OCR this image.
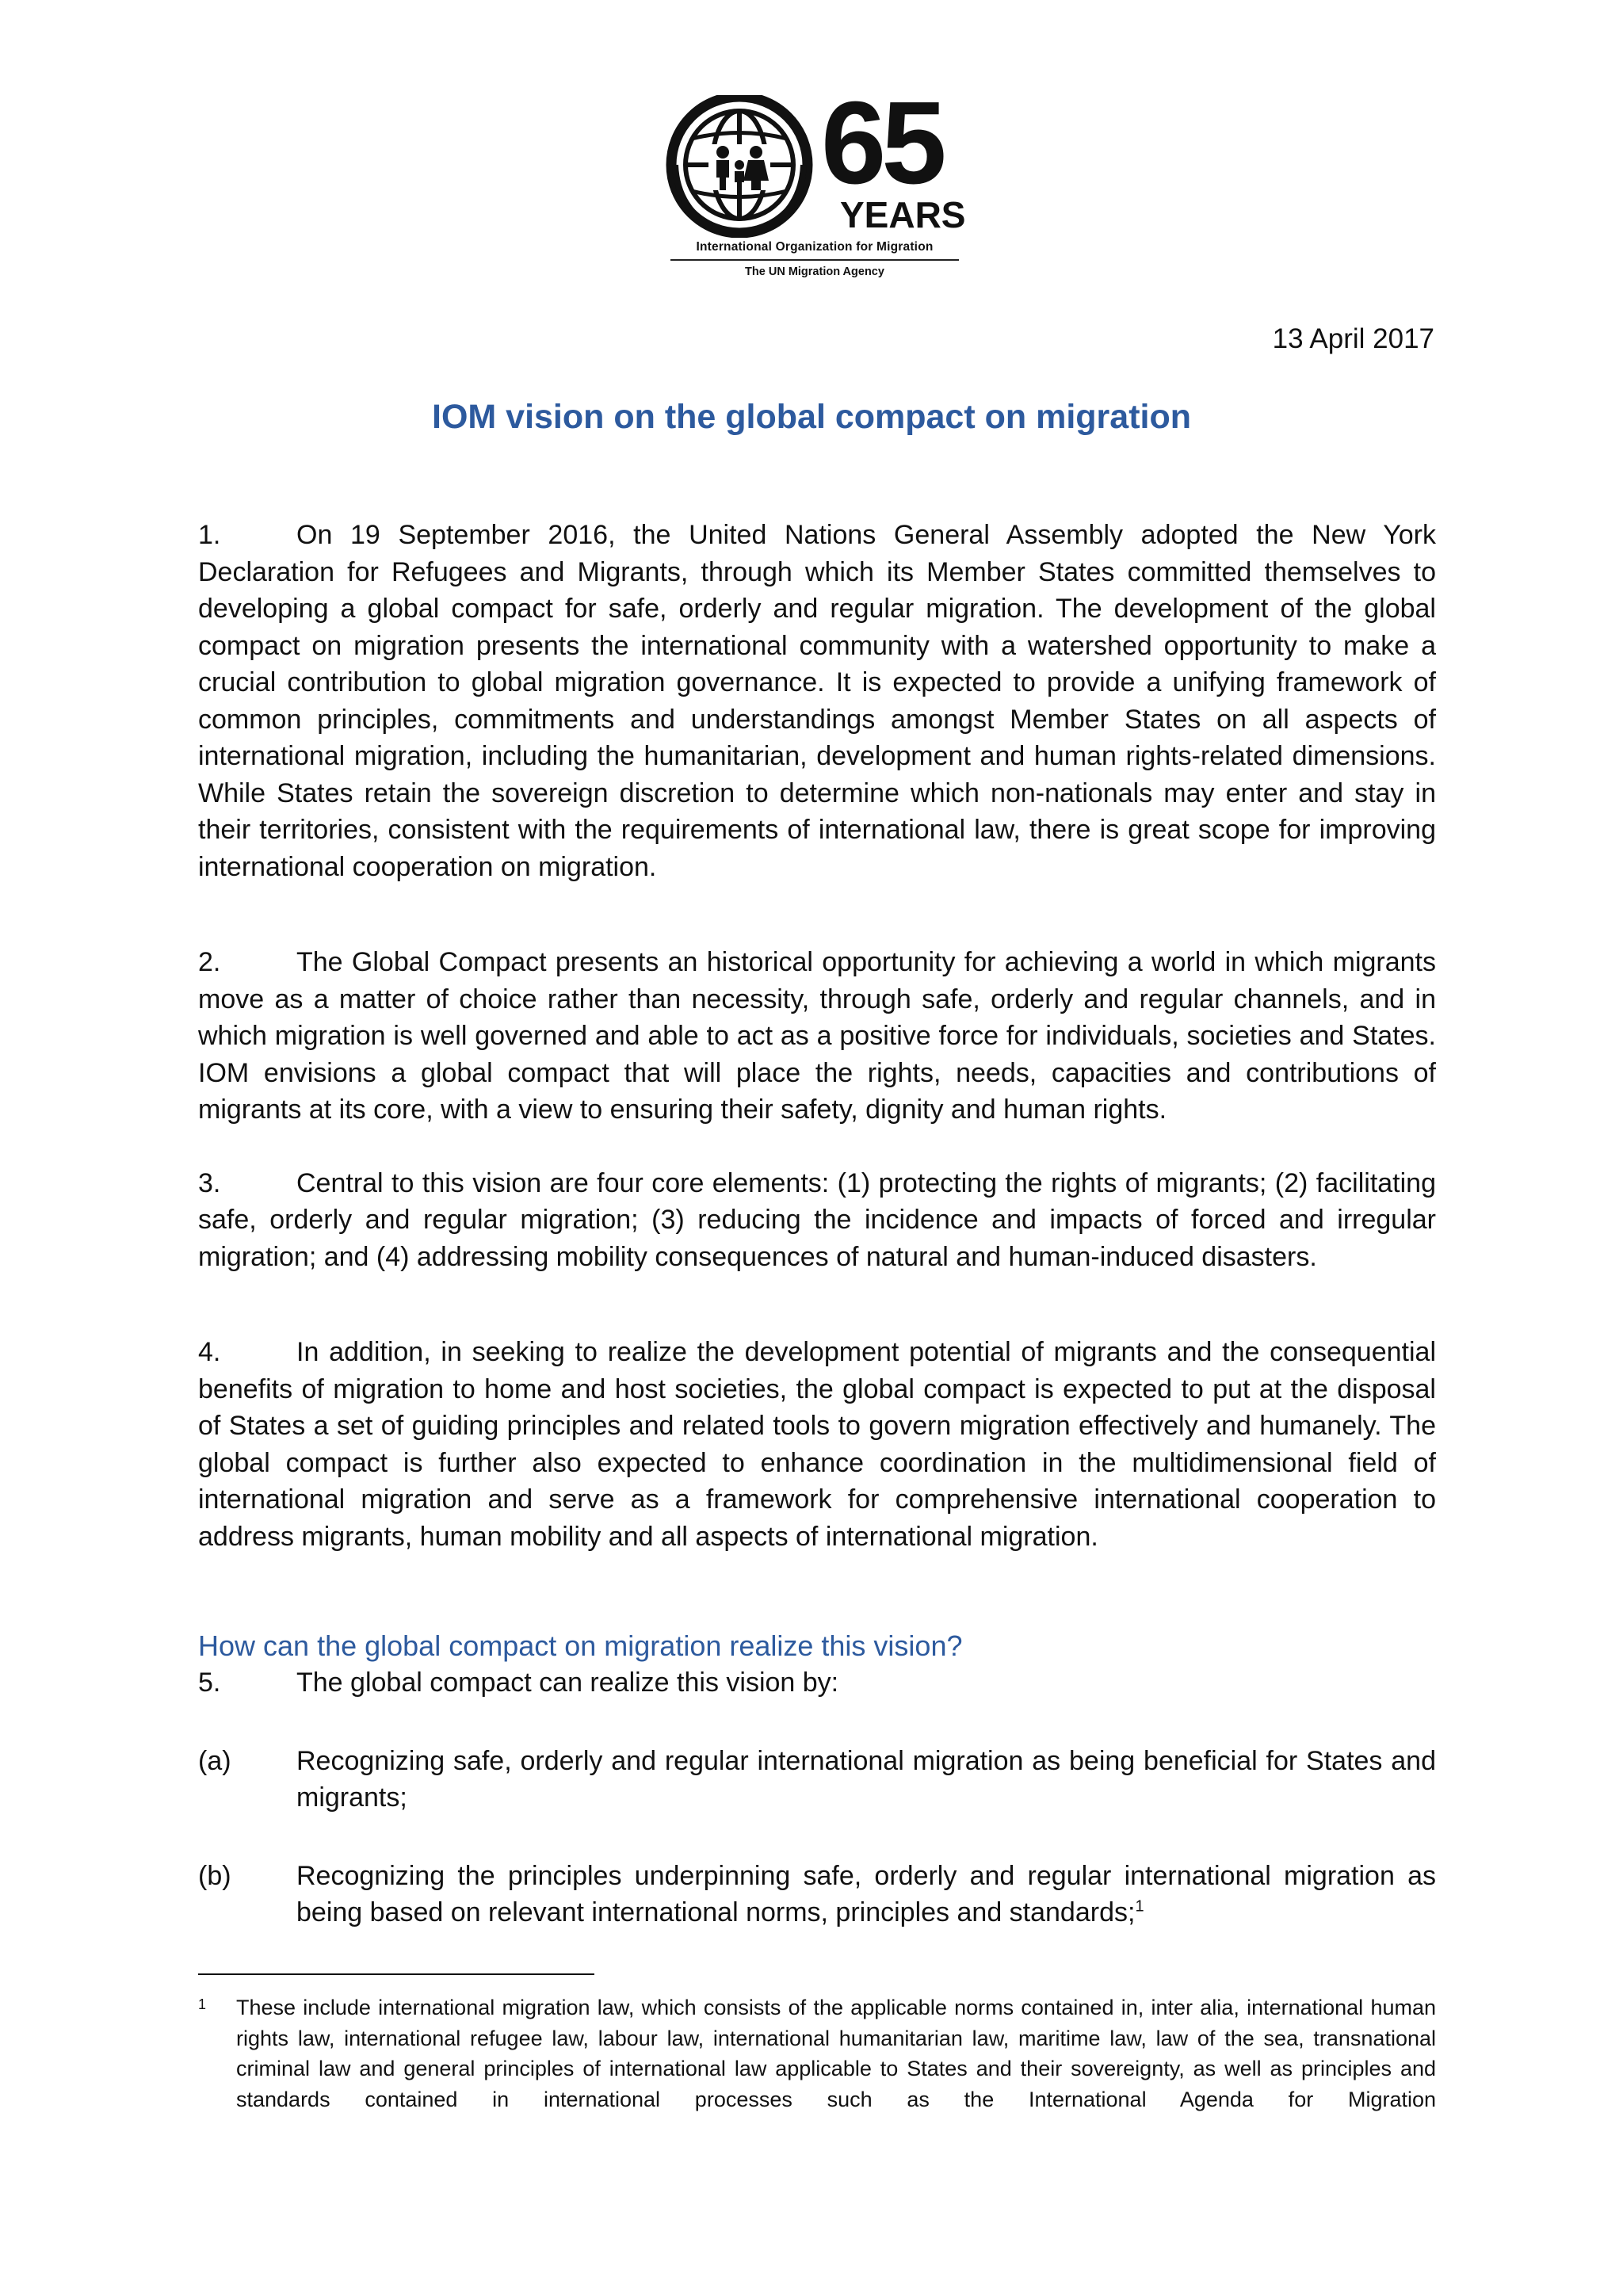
65
YEARS
International Organization for Migration
The UN Migration Agency
13 April 2017
IOM vision on the global compact on migration

1.	On 19 September 2016, the United Nations General Assembly adopted the New York Declaration for Refugees and Migrants, through which its Member States committed themselves to developing a global compact for safe, orderly and regular migration. The development of the global compact on migration presents the international community with a watershed opportunity to make a crucial contribution to global migration governance. It is expected to provide a unifying framework of common principles, commitments and understandings amongst Member States on all aspects of international migration, including the humanitarian, development and human rights-related dimensions. While States retain the sovereign discretion to determine which non-nationals may enter and stay in their territories, consistent with the requirements of international law, there is great scope for improving international cooperation on migration.

2.	The Global Compact presents an historical opportunity for achieving a world in which migrants move as a matter of choice rather than necessity, through safe, orderly and regular channels, and in which migration is well governed and able to act as a positive force for individuals, societies and States. IOM envisions a global compact that will place the rights, needs, capacities and contributions of migrants at its core, with a view to ensuring their safety, dignity and human rights.

3.	Central to this vision are four core elements: (1) protecting the rights of migrants; (2) facilitating safe, orderly and regular migration; (3) reducing the incidence and impacts of forced and irregular migration; and (4) addressing mobility consequences of natural and human-induced disasters.

4.	In addition, in seeking to realize the development potential of migrants and the consequential benefits of migration to home and host societies, the global compact is expected to put at the disposal of States a set of guiding principles and related tools to govern migration effectively and humanely. The global compact is further also expected to enhance coordination in the multidimensional field of international migration and serve as a framework for comprehensive international cooperation to address migrants, human mobility and all aspects of international migration.

How can the global compact on migration realize this vision?
5.	The global compact can realize this vision by:
(a)	Recognizing safe, orderly and regular international migration as being beneficial for States and migrants;
(b)	Recognizing the principles underpinning safe, orderly and regular international migration as being based on relevant international norms, principles and standards;$^1$
1	These include international migration law, which consists of the applicable norms contained in, inter alia, international human rights law, international refugee law, labour law, international humanitarian law, maritime law, law of the sea, transnational criminal law and general principles of international law applicable to States and their sovereignty, as well as principles and standards contained in international processes such as the International Agenda for Migration
